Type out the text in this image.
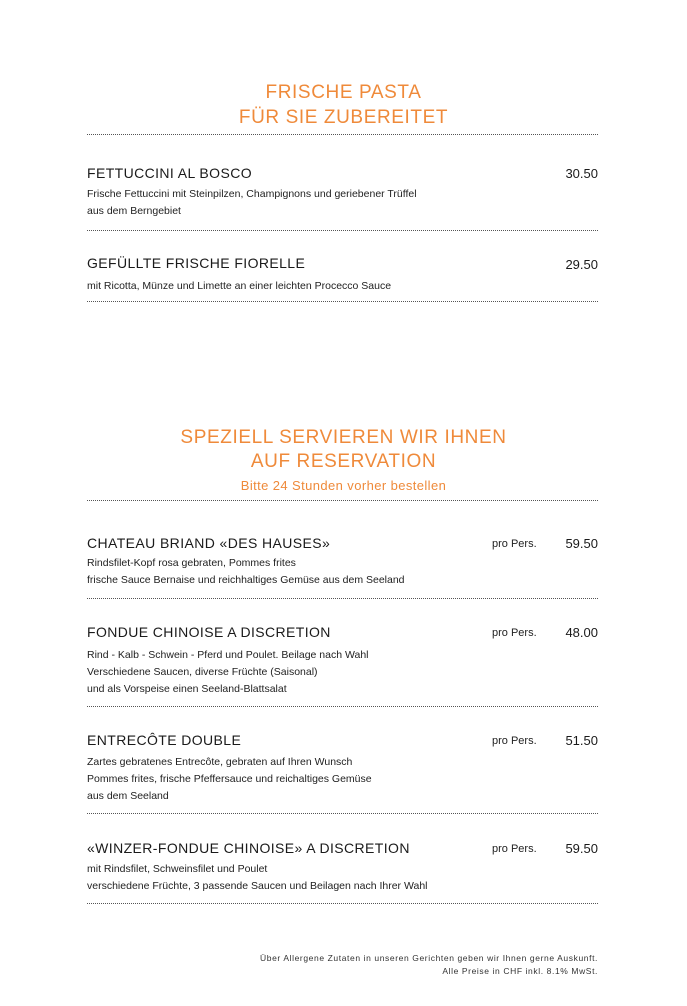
FRISCHE PASTA
FÜR SIE ZUBEREITET
FETTUCCINI AL BOSCO	30.50
Frische Fettuccini mit Steinpilzen, Champignons und geriebener Trüffel
aus dem Berngebiet
GEFÜLLTE FRISCHE FIORELLE	29.50
mit Ricotta, Münze und Limette an einer leichten Procecco Sauce
SPEZIELL SERVIEREN WIR IHNEN
AUF RESERVATION
Bitte 24 Stunden vorher bestellen
CHATEAU BRIAND «DES HAUSES»	pro Pers. 59.50
Rindsfilet-Kopf rosa gebraten, Pommes frites
frische Sauce Bernaise und reichhaltiges Gemüse aus dem Seeland
FONDUE CHINOISE A DISCRETION	pro Pers. 48.00
Rind - Kalb - Schwein - Pferd und Poulet. Beilage nach Wahl
Verschiedene Saucen, diverse Früchte (Saisonal)
und als Vorspeise einen Seeland-Blattsalat
ENTRECÔTE DOUBLE	pro Pers. 51.50
Zartes gebratenes Entrecôte, gebraten auf Ihren Wunsch
Pommes frites, frische Pfeffersauce und reichaltiges Gemüse
aus dem Seeland
«WINZER-FONDUE CHINOISE» A DISCRETION	pro Pers. 59.50
mit Rindsfilet, Schweinsfilet und Poulet
verschiedene Früchte, 3 passende Saucen und Beilagen nach Ihrer Wahl
Über Allergene Zutaten in unseren Gerichten geben wir Ihnen gerne Auskunft.
Alle Preise in CHF inkl. 8.1% MwSt.
